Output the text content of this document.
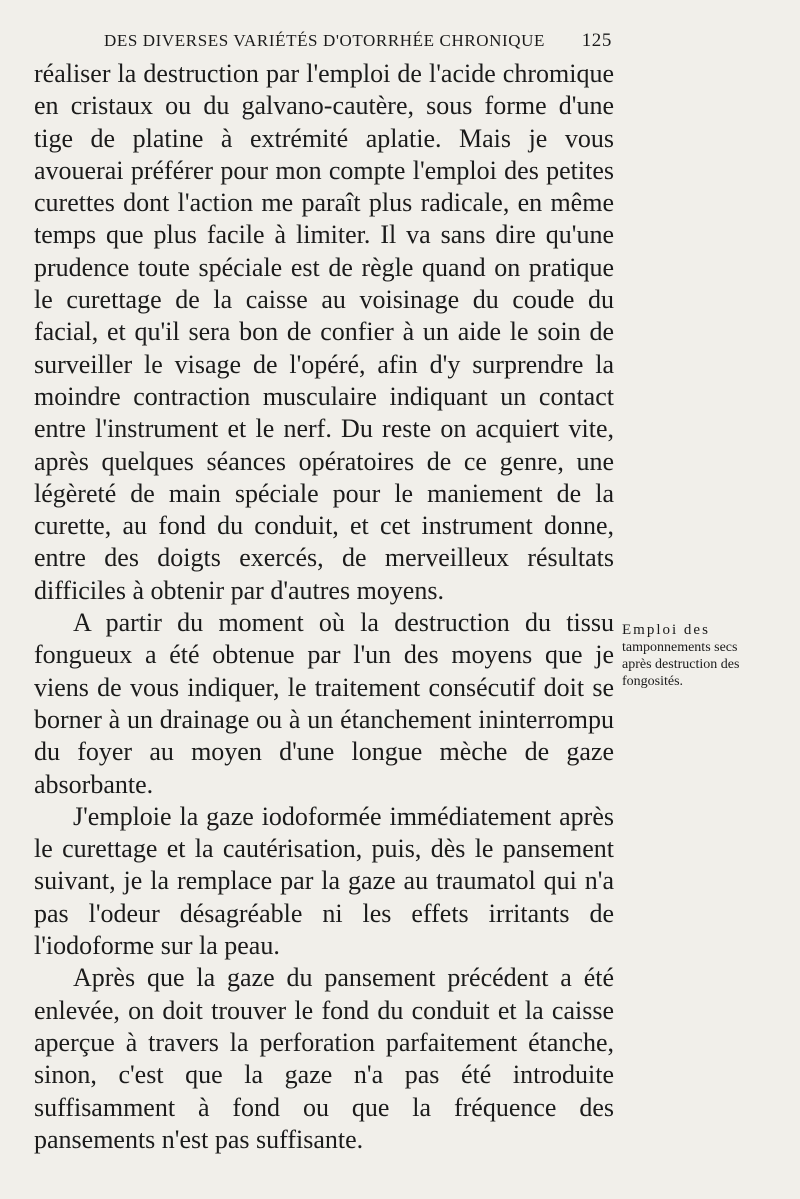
DES DIVERSES VARIÉTÉS D'OTORRHÉE CHRONIQUE 125

réaliser la destruction par l'emploi de l'acide chromique en cristaux ou du galvano-cautère, sous forme d'une tige de platine à extrémité aplatie. Mais je vous avouerai préférer pour mon compte l'emploi des petites curettes dont l'action me paraît plus radicale, en même temps que plus facile à limiter. Il va sans dire qu'une prudence toute spéciale est de règle quand on pratique le curettage de la caisse au voisinage du coude du facial, et qu'il sera bon de confier à un aide le soin de surveiller le visage de l'opéré, afin d'y surprendre la moindre contraction musculaire indiquant un contact entre l'instrument et le nerf. Du reste on acquiert vite, après quelques séances opératoires de ce genre, une légèreté de main spéciale pour le maniement de la curette, au fond du conduit, et cet instrument donne, entre des doigts exercés, de merveilleux résultats difficiles à obtenir par d'autres moyens.

A partir du moment où la destruction du tissu fongueux a été obtenue par l'un des moyens que je viens de vous indiquer, le traitement consécutif doit se borner à un drainage ou à un étanchement ininterrompu du foyer au moyen d'une longue mèche de gaze absorbante.

J'emploie la gaze iodoformée immédiatement après le curettage et la cautérisation, puis, dès le pansement suivant, je la remplace par la gaze au traumatol qui n'a pas l'odeur désagréable ni les effets irritants de l'iodoforme sur la peau.

Après que la gaze du pansement précédent a été enlevée, on doit trouver le fond du conduit et la caisse aperçue à travers la perforation parfaitement étanche, sinon, c'est que la gaze n'a pas été introduite suffisamment à fond ou que la fréquence des pansements n'est pas suffisante.

Emploi des
tamponnements secs après destruction des fongosités.
